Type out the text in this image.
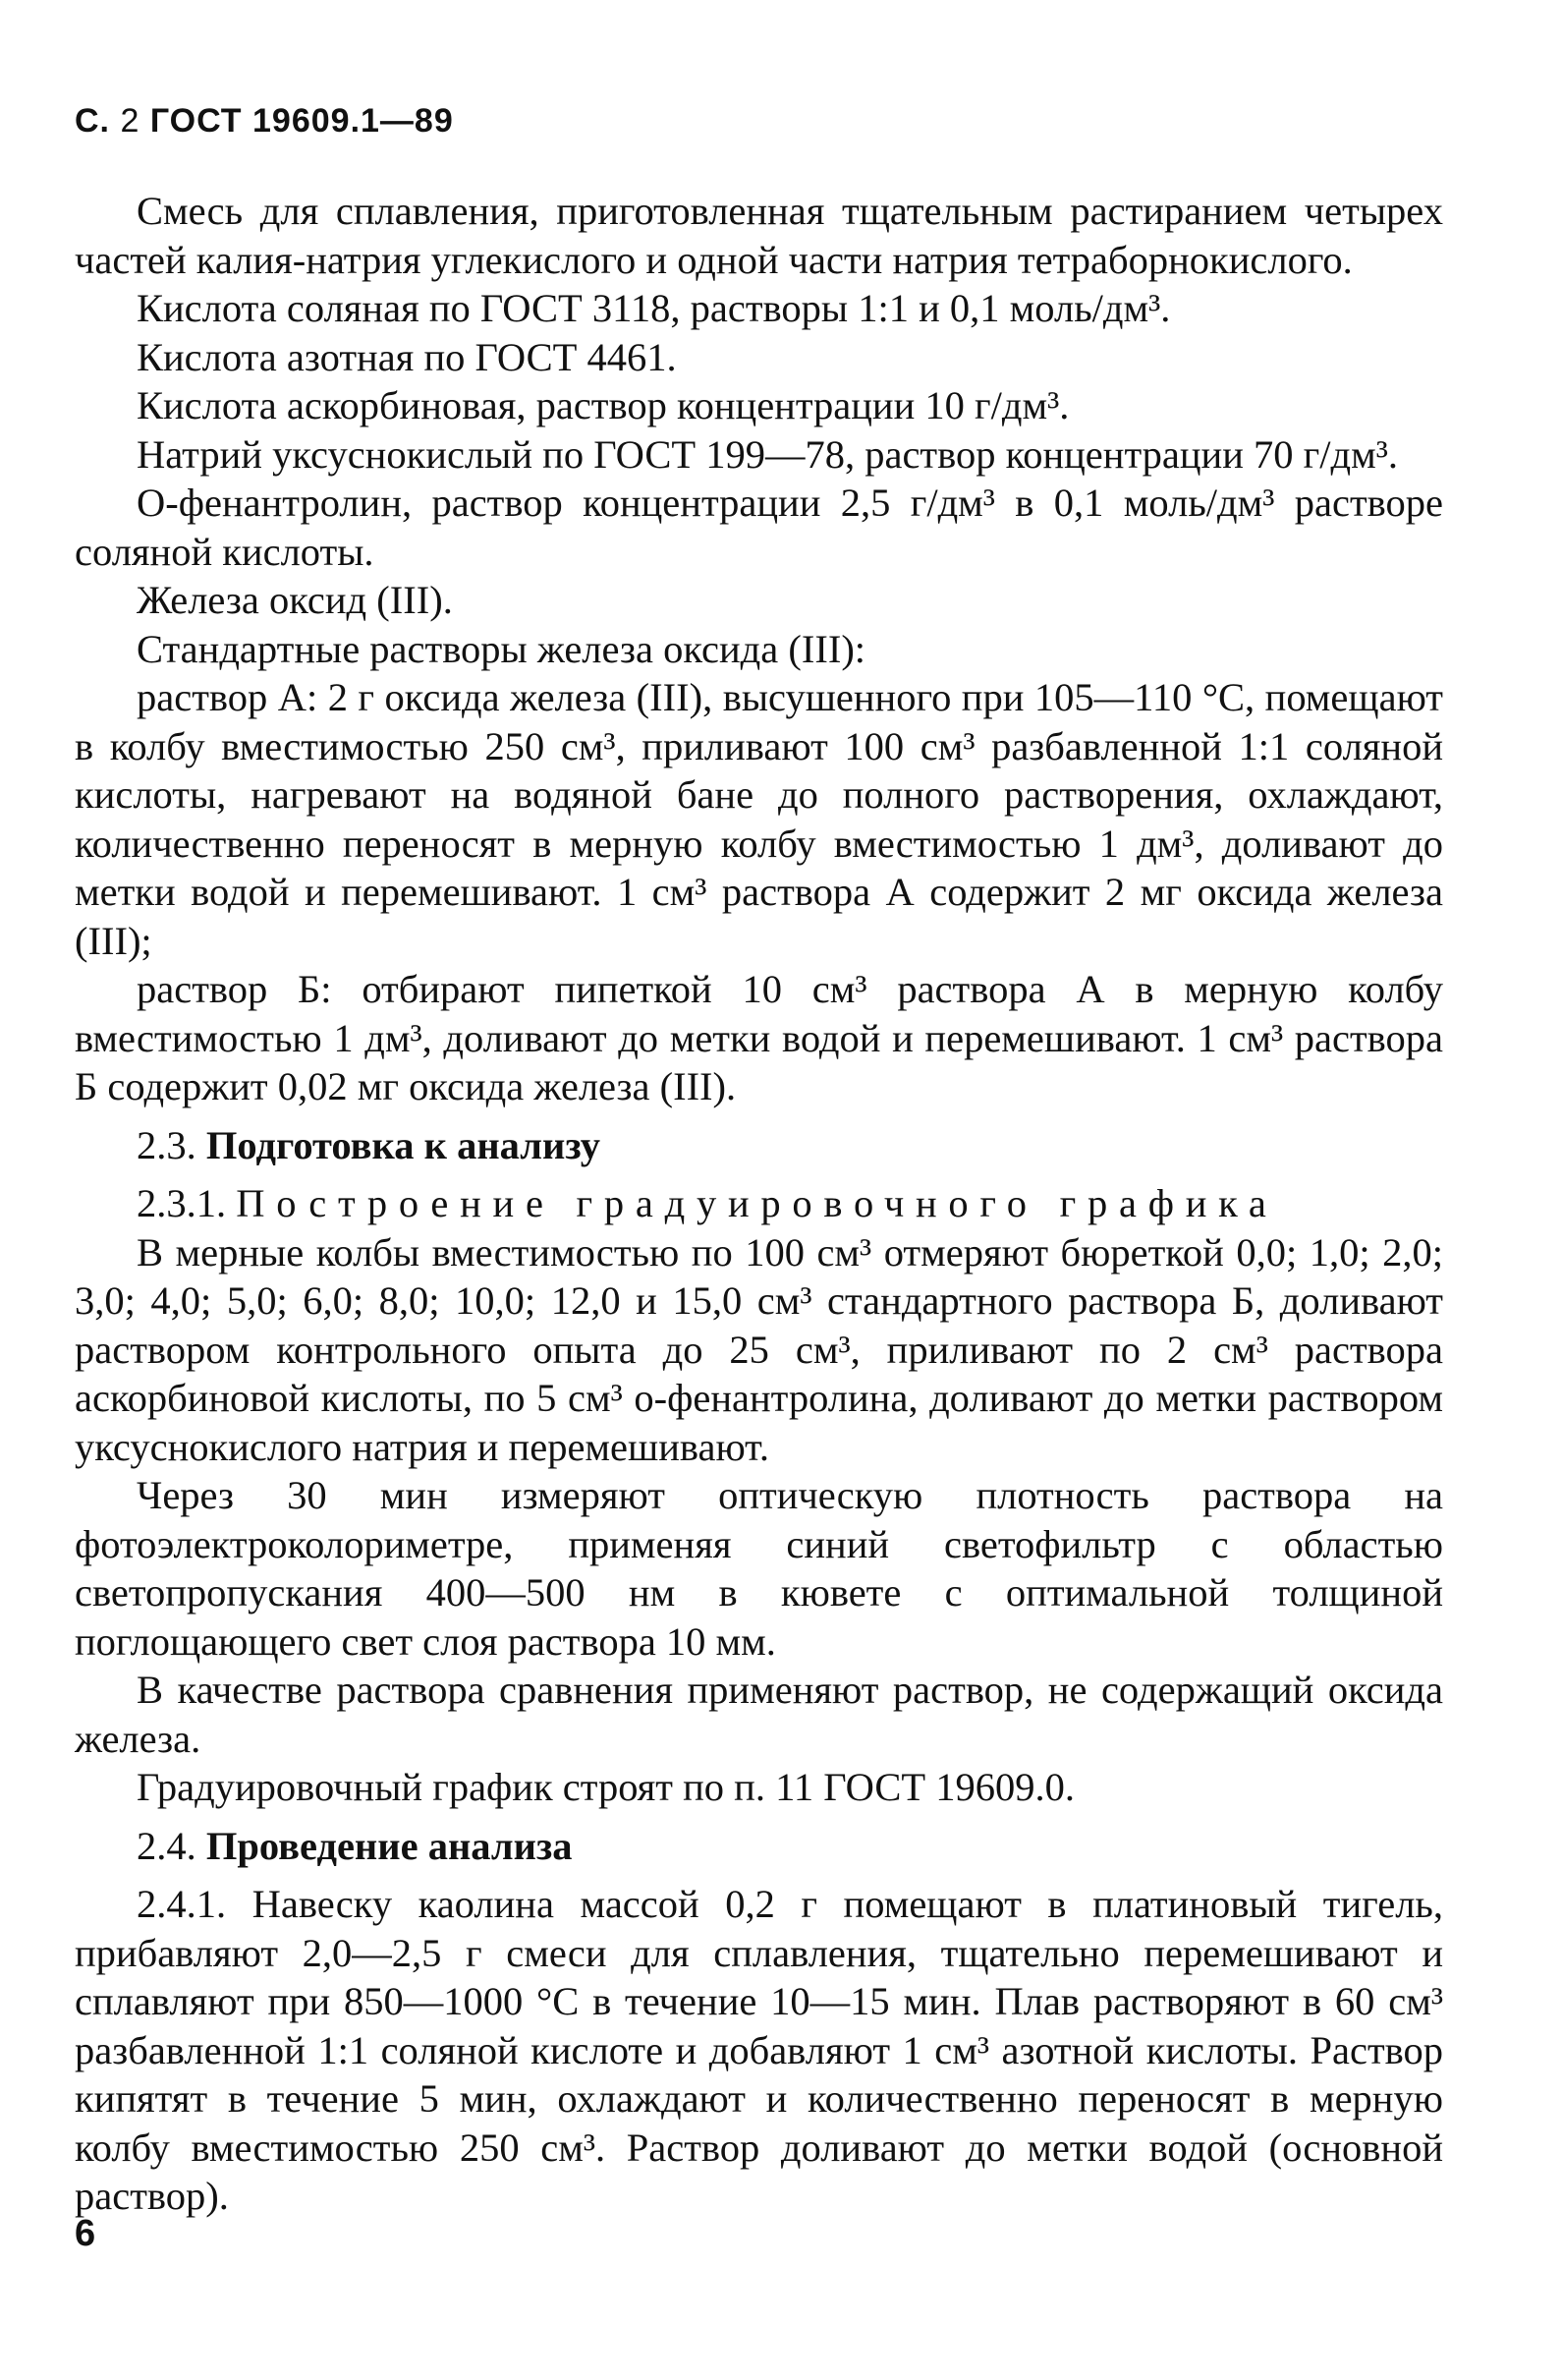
С. 2 ГОСТ 19609.1—89

Смесь для сплавления, приготовленная тщательным растиранием четырех частей калия-натрия углекислого и одной части натрия тетраборнокислого.

Кислота соляная по ГОСТ 3118, растворы 1:1 и 0,1 моль/дм³.

Кислота азотная по ГОСТ 4461.

Кислота аскорбиновая, раствор концентрации 10 г/дм³.

Натрий уксуснокислый по ГОСТ 199—78, раствор концентрации 70 г/дм³.

О-фенантролин, раствор концентрации 2,5 г/дм³ в 0,1 моль/дм³ растворе соляной кислоты.

Железа оксид (III).

Стандартные растворы железа оксида (III):

раствор А: 2 г оксида железа (III), высушенного при 105—110 °С, помещают в колбу вместимостью 250 см³, приливают 100 см³ разбавленной 1:1 соляной кислоты, нагревают на водяной бане до полного растворения, охлаждают, количественно переносят в мерную колбу вместимостью 1 дм³, доливают до метки водой и перемешивают. 1 см³ раствора А содержит 2 мг оксида железа (III);

раствор Б: отбирают пипеткой 10 см³ раствора А в мерную колбу вместимостью 1 дм³, доливают до метки водой и перемешивают. 1 см³ раствора Б содержит 0,02 мг оксида железа (III).

2.3. Подготовка к анализу

2.3.1. Построение градуировочного графика

В мерные колбы вместимостью по 100 см³ отмеряют бюреткой 0,0; 1,0; 2,0; 3,0; 4,0; 5,0; 6,0; 8,0; 10,0; 12,0 и 15,0 см³ стандартного раствора Б, доливают раствором контрольного опыта до 25 см³, приливают по 2 см³ раствора аскорбиновой кислоты, по 5 см³ о-фенантролина, доливают до метки раствором уксуснокислого натрия и перемешивают.

Через 30 мин измеряют оптическую плотность раствора на фотоэлектроколориметре, применяя синий светофильтр с областью светопропускания 400—500 нм в кювете с оптимальной толщиной поглощающего свет слоя раствора 10 мм.

В качестве раствора сравнения применяют раствор, не содержащий оксида железа.

Градуировочный график строят по п. 11 ГОСТ 19609.0.

2.4. Проведение анализа

2.4.1. Навеску каолина массой 0,2 г помещают в платиновый тигель, прибавляют 2,0—2,5 г смеси для сплавления, тщательно перемешивают и сплавляют при 850—1000 °С в течение 10—15 мин. Плав растворяют в 60 см³ разбавленной 1:1 соляной кислоте и добавляют 1 см³ азотной кислоты. Раствор кипятят в течение 5 мин, охлаждают и количественно переносят в мерную колбу вместимостью 250 см³. Раствор доливают до метки водой (основной раствор).

6
